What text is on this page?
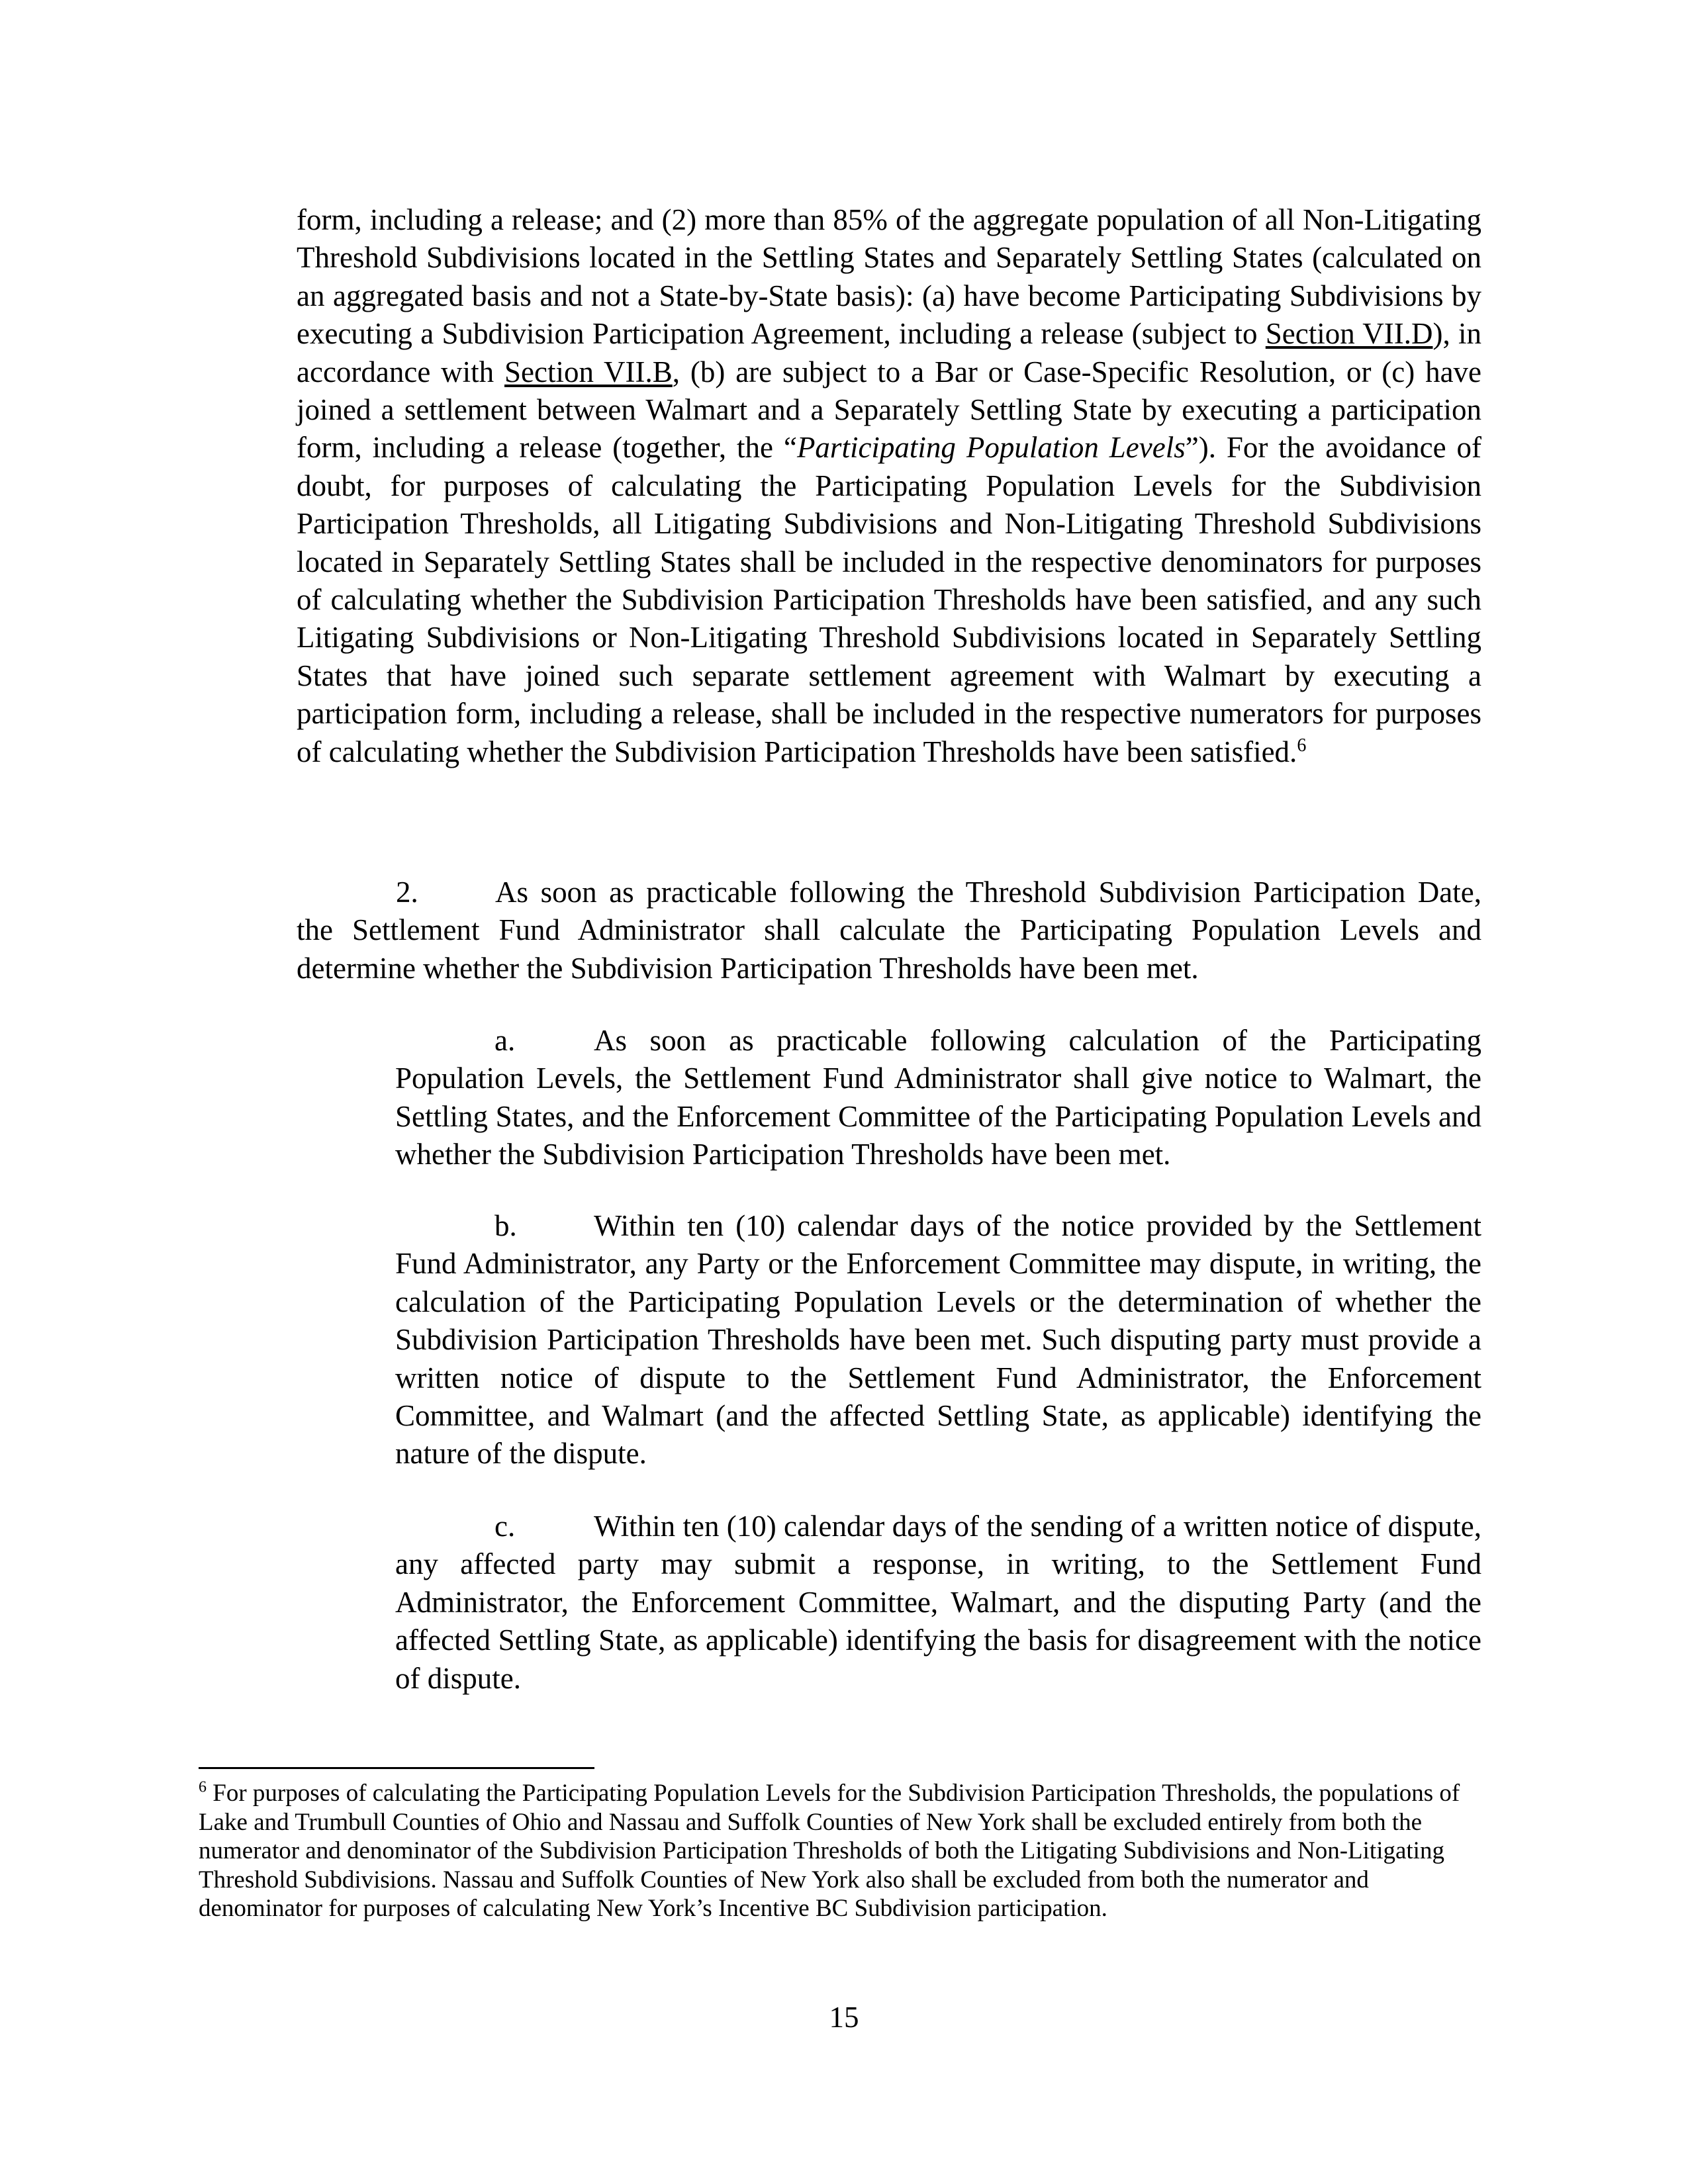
form, including a release; and (2) more than 85% of the aggregate population of all Non-Litigating Threshold Subdivisions located in the Settling States and Separately Settling States (calculated on an aggregated basis and not a State-by-State basis): (a) have become Participating Subdivisions by executing a Subdivision Participation Agreement, including a release (subject to Section VII.D), in accordance with Section VII.B, (b) are subject to a Bar or Case-Specific Resolution, or (c) have joined a settlement between Walmart and a Separately Settling State by executing a participation form, including a release (together, the “Participating Population Levels”). For the avoidance of doubt, for purposes of calculating the Participating Population Levels for the Subdivision Participation Thresholds, all Litigating Subdivisions and Non-Litigating Threshold Subdivisions located in Separately Settling States shall be included in the respective denominators for purposes of calculating whether the Subdivision Participation Thresholds have been satisfied, and any such Litigating Subdivisions or Non-Litigating Threshold Subdivisions located in Separately Settling States that have joined such separate settlement agreement with Walmart by executing a participation form, including a release, shall be included in the respective numerators for purposes of calculating whether the Subdivision Participation Thresholds have been satisfied.$^6$

2.	As soon as practicable following the Threshold Subdivision Participation Date, the Settlement Fund Administrator shall calculate the Participating Population Levels and determine whether the Subdivision Participation Thresholds have been met.

a.	As soon as practicable following calculation of the Participating Population Levels, the Settlement Fund Administrator shall give notice to Walmart, the Settling States, and the Enforcement Committee of the Participating Population Levels and whether the Subdivision Participation Thresholds have been met.

b.	Within ten (10) calendar days of the notice provided by the Settlement Fund Administrator, any Party or the Enforcement Committee may dispute, in writing, the calculation of the Participating Population Levels or the determination of whether the Subdivision Participation Thresholds have been met. Such disputing party must provide a written notice of dispute to the Settlement Fund Administrator, the Enforcement Committee, and Walmart (and the affected Settling State, as applicable) identifying the nature of the dispute.

c.	Within ten (10) calendar days of the sending of a written notice of dispute, any affected party may submit a response, in writing, to the Settlement Fund Administrator, the Enforcement Committee, Walmart, and the disputing Party (and the affected Settling State, as applicable) identifying the basis for disagreement with the notice of dispute.

$^6$ For purposes of calculating the Participating Population Levels for the Subdivision Participation Thresholds, the populations of Lake and Trumbull Counties of Ohio and Nassau and Suffolk Counties of New York shall be excluded entirely from both the numerator and denominator of the Subdivision Participation Thresholds of both the Litigating Subdivisions and Non-Litigating Threshold Subdivisions. Nassau and Suffolk Counties of New York also shall be excluded from both the numerator and denominator for purposes of calculating New York’s Incentive BC Subdivision participation.

15
